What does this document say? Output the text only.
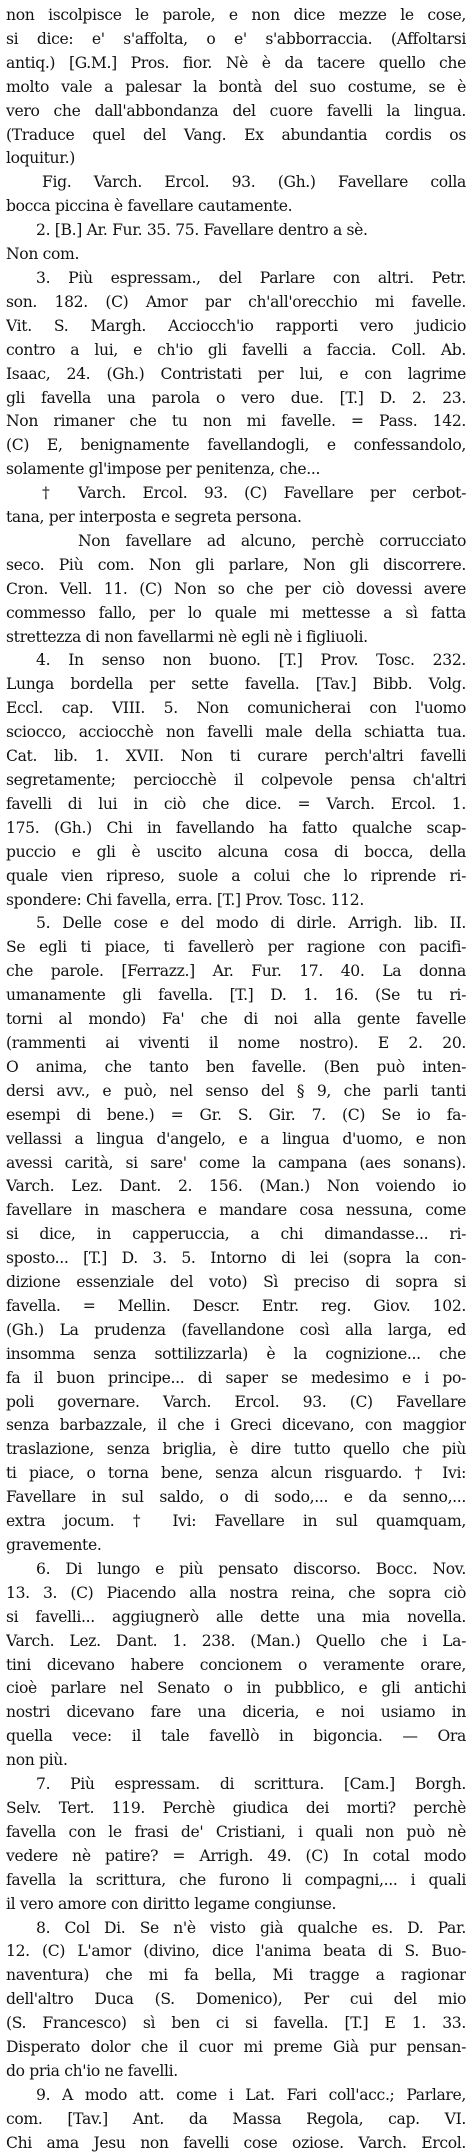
non iscolpisce le parole, e non dice mezze le cose,
si dice: e' s'affolta, o e' s'abborraccia. (Affoltarsi
antiq.) [G.M.] Pros. fior. Nè è da tacere quello che
molto vale a palesar la bontà del suo costume, se è
vero che dall'abbondanza del cuore favelli la lingua.
(Traduce quel del Vang. Ex abundantia cordis os
loquitur.)
Fig. Varch. Ercol. 93. (Gh.) Favellare colla
bocca piccina è favellare cautamente.
2. [B.] Ar. Fur. 35. 75. Favellare dentro a sè.
Non com.
3. Più espressam., del Parlare con altri. Petr.
son. 182. (C) Amor par ch'all'orecchio mi favelle.
Vit. S. Margh. Acciocch'io rapporti vero judicio
contro a lui, e ch'io gli favelli a faccia. Coll. Ab.
Isaac, 24. (Gh.) Contristati per lui, e con lagrime
gli favella una parola o vero due. [T.] D. 2. 23.
Non rimaner che tu non mi favelle. = Pass. 142.
(C) E, benignamente favellandogli, e confessandolo,
solamente gl'impose per penitenza, che...
† Varch. Ercol. 93. (C) Favellare per cerbot-
tana, per interposta e segreta persona.
Non favellare ad alcuno, perchè corrucciato
seco. Più com. Non gli parlare, Non gli discorrere.
Cron. Vell. 11. (C) Non so che per ciò dovessi avere
commesso fallo, per lo quale mi mettesse a sì fatta
strettezza di non favellarmi nè egli nè i figliuoli.
4. In senso non buono. [T.] Prov. Tosc. 232.
Lunga bordella per sette favella. [Tav.] Bibb. Volg.
Eccl. cap. VIII. 5. Non comunicherai con l'uomo
sciocco, acciocchè non favelli male della schiatta tua.
Cat. lib. 1. XVII. Non ti curare perch'altri favelli
segretamente; perciocchè il colpevole pensa ch'altri
favelli di lui in ciò che dice. = Varch. Ercol. 1.
175. (Gh.) Chi in favellando ha fatto qualche scap-
puccio e gli è uscito alcuna cosa di bocca, della
quale vien ripreso, suole a colui che lo riprende ri-
spondere: Chi favella, erra. [T.] Prov. Tosc. 112.
5. Delle cose e del modo di dirle. Arrigh. lib. II.
Se egli ti piace, ti favellerò per ragione con pacifi-
che parole. [Ferrazz.] Ar. Fur. 17. 40. La donna
umanamente gli favella. [T.] D. 1. 16. (Se tu ri-
torni al mondo) Fa' che di noi alla gente favelle
(rammenti ai viventi il nome nostro). E 2. 20.
O anima, che tanto ben favelle. (Ben può inten-
dersi avv., e può, nel senso del § 9, che parli tanti
esempi di bene.) = Gr. S. Gir. 7. (C) Se io fa-
vellassi a lingua d'angelo, e a lingua d'uomo, e non
avessi carità, si sare' come la campana (aes sonans).
Varch. Lez. Dant. 2. 156. (Man.) Non voiendo io
favellare in maschera e mandare cosa nessuna, come
si dice, in capperuccia, a chi dimandasse... ri-
sposto... [T.] D. 3. 5. Intorno di lei (sopra la con-
dizione essenziale del voto) Sì preciso di sopra si
favella. = Mellin. Descr. Entr. reg. Giov. 102.
(Gh.) La prudenza (favellandone così alla larga, ed
insomma senza sottilizzarla) è la cognizione... che
fa il buon principe... di saper se medesimo e i po-
poli governare. Varch. Ercol. 93. (C) Favellare
senza barbazzale, il che i Greci dicevano, con maggior
traslazione, senza briglia, è dire tutto quello che più
ti piace, o torna bene, senza alcun risguardo. † Ivi:
Favellare in sul saldo, o di sodo,... e da senno,...
extra jocum. † Ivi: Favellare in sul quamquam,
gravemente.
6. Di lungo e più pensato discorso. Bocc. Nov.
13. 3. (C) Piacendo alla nostra reina, che sopra ciò
si favelli... aggiugnerò alle dette una mia novella.
Varch. Lez. Dant. 1. 238. (Man.) Quello che i La-
tini dicevano habere concionem o veramente orare,
cioè parlare nel Senato o in pubblico, e gli antichi
nostri dicevano fare una diceria, e noi usiamo in
quella vece: il tale favellò in bigoncia. — Ora
non più.
7. Più espressam. di scrittura. [Cam.] Borgh.
Selv. Tert. 119. Perchè giudica dei morti? perchè
favella con le frasi de' Cristiani, i quali non può nè
vedere nè patire? = Arrigh. 49. (C) In cotal modo
favella la scrittura, che furono li compagni,... i quali
il vero amore con diritto legame congiunse.
8. Col Di. Se n'è visto già qualche es. D. Par.
12. (C) L'amor (divino, dice l'anima beata di S. Buo-
naventura) che mi fa bella, Mi tragge a ragionar
dell'altro Duca (S. Domenico), Per cui del mio
(S. Francesco) sì ben ci si favella. [T.] E 1. 33.
Disperato dolor che il cuor mi preme Già pur pensan-
do pria ch'io ne favelli.
9. A modo att. come i Lat. Fari coll'acc.; Parlare,
com. [Tav.] Ant. da Massa Regola, cap. VI.
Chi ama Jesu non favelli cose oziose. Varch. Ercol.
